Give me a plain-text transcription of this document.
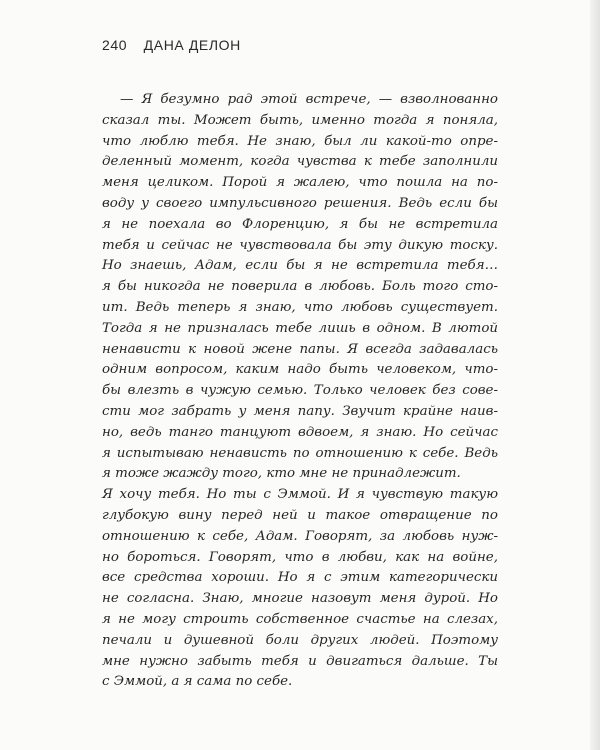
240 ДАНА ДЕЛОН
— Я безумно рад этой встрече, — взволнованно
сказал ты. Может быть, именно тогда я поняла,
что люблю тебя. Не знаю, был ли какой-то опре-
деленный момент, когда чувства к тебе заполнили
меня целиком. Порой я жалею, что пошла на по-
воду у своего импульсивного решения. Ведь если бы
я не поехала во Флоренцию, я бы не встретила
тебя и сейчас не чувствовала бы эту дикую тоску.
Но знаешь, Адам, если бы я не встретила тебя…
я бы никогда не поверила в любовь. Боль того сто-
ит. Ведь теперь я знаю, что любовь существует.
Тогда я не призналась тебе лишь в одном. В лютой
ненависти к новой жене папы. Я всегда задавалась
одним вопросом, каким надо быть человеком, что-
бы влезть в чужую семью. Только человек без сове-
сти мог забрать у меня папу. Звучит крайне наив-
но, ведь танго танцуют вдвоем, я знаю. Но сейчас
я испытываю ненависть по отношению к себе. Ведь
я тоже жажду того, кто мне не принадлежит.
Я хочу тебя. Но ты с Эммой. И я чувствую такую
глубокую вину перед ней и такое отвращение по
отношению к себе, Адам. Говорят, за любовь нуж-
но бороться. Говорят, что в любви, как на войне,
все средства хороши. Но я с этим категорически
не согласна. Знаю, многие назовут меня дурой. Но
я не могу строить собственное счастье на слезах,
печали и душевной боли других людей. Поэтому
мне нужно забыть тебя и двигаться дальше. Ты
с Эммой, а я сама по себе.
